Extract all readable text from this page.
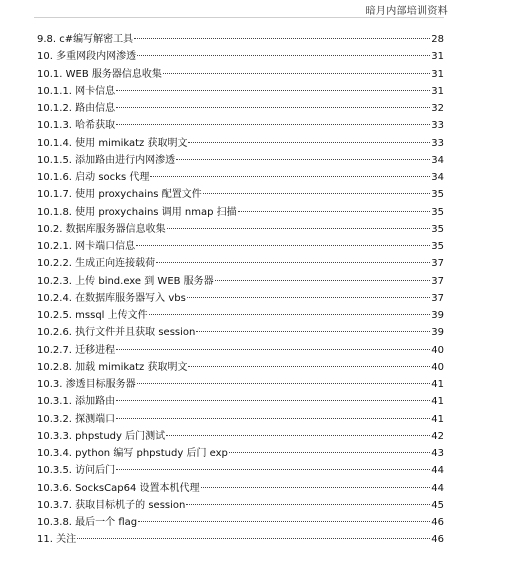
暗月内部培训资料
9.8. c#编写解密工具	28
10. 多重网段内网渗透	31
10.1. WEB 服务器信息收集	31
10.1.1. 网卡信息	31
10.1.2. 路由信息	32
10.1.3. 哈希获取	33
10.1.4. 使用 mimikatz 获取明文	33
10.1.5. 添加路由进行内网渗透	34
10.1.6. 启动 socks 代理	34
10.1.7. 使用 proxychains 配置文件	35
10.1.8. 使用 proxychains 调用 nmap 扫描	35
10.2. 数据库服务器信息收集	35
10.2.1. 网卡端口信息	35
10.2.2. 生成正向连接载荷	37
10.2.3. 上传 bind.exe 到 WEB 服务器	37
10.2.4. 在数据库服务器写入 vbs	37
10.2.5. mssql 上传文件	39
10.2.6. 执行文件并且获取 session	39
10.2.7. 迁移进程	40
10.2.8. 加载 mimikatz 获取明文	40
10.3. 渗透目标服务器	41
10.3.1. 添加路由	41
10.3.2. 探测端口	41
10.3.3. phpstudy 后门测试	42
10.3.4. python 编写 phpstudy 后门 exp	43
10.3.5. 访问后门	44
10.3.6. SocksCap64 设置本机代理	44
10.3.7. 获取目标机子的 session	45
10.3.8. 最后一个 flag	46
11. 关注	46
